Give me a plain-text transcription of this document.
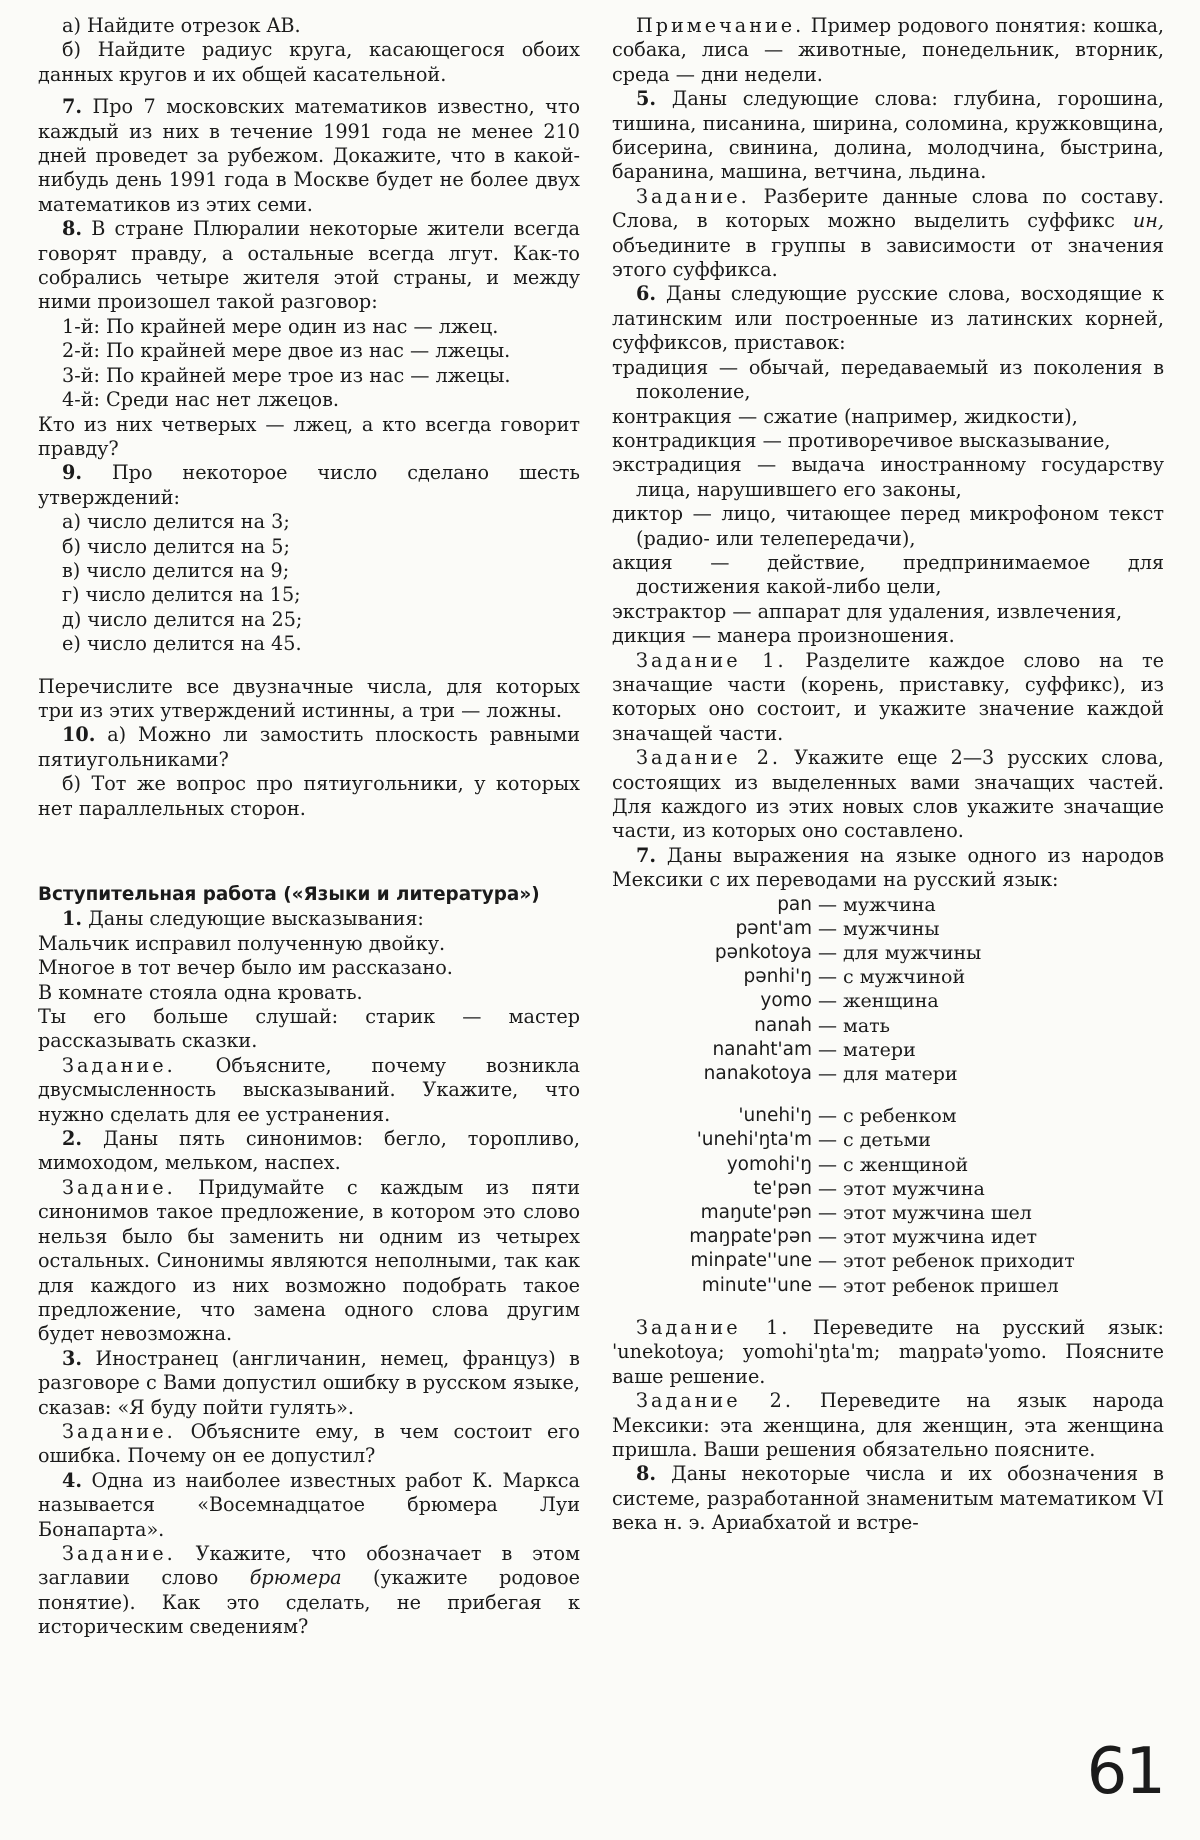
а) Найдите отрезок AB.

б) Найдите радиус круга, касающегося обоих данных кругов и их общей касательной.

7. Про 7 московских математиков известно, что каждый из них в течение 1991 года не менее 210 дней проведет за рубежом. Докажите, что в какой-нибудь день 1991 года в Москве будет не более двух математиков из этих семи.

8. В стране Плюралии некоторые жители всегда говорят правду, а остальные всегда лгут. Как-то собрались четыре жителя этой страны, и между ними произошел такой разговор:

1-й: По крайней мере один из нас — лжец.

2-й: По крайней мере двое из нас — лжецы.

3-й: По крайней мере трое из нас — лжецы.

4-й: Среди нас нет лжецов.

Кто из них четверых — лжец, а кто всегда говорит правду?

9. Про некоторое число сделано шесть утверждений:

а) число делится на 3;

б) число делится на 5;

в) число делится на 9;

г) число делится на 15;

д) число делится на 25;

е) число делится на 45.

Перечислите все двузначные числа, для которых три из этих утверждений истинны, а три — ложны.

10. а) Можно ли замостить плоскость равными пятиугольниками?

б) Тот же вопрос про пятиугольники, у которых нет параллельных сторон.

Вступительная работа («Языки и литература»)

1. Даны следующие высказывания:

Мальчик исправил полученную двойку.

Многое в тот вечер было им рассказано.

В комнате стояла одна кровать.

Ты его больше слушай: старик — мастер рассказывать сказки.

Задание. Объясните, почему возникла двусмысленность высказываний. Укажите, что нужно сделать для ее устранения.

2. Даны пять синонимов: бегло, торопливо, мимоходом, мельком, наспех.

Задание. Придумайте с каждым из пяти синонимов такое предложение, в котором это слово нельзя было бы заменить ни одним из четырех остальных. Синонимы являются неполными, так как для каждого из них возможно подобрать такое предложение, что замена одного слова другим будет невозможна.

3. Иностранец (англичанин, немец, француз) в разговоре с Вами допустил ошибку в русском языке, сказав: «Я буду пойти гулять».

Задание. Объясните ему, в чем состоит его ошибка. Почему он ее допустил?

4. Одна из наиболее известных работ К. Маркса называется «Восемнадцатое брюмера Луи Бонапарта».

Задание. Укажите, что обозначает в этом заглавии слово брюмера (укажите родовое понятие). Как это сделать, не прибегая к историческим сведениям?

Примечание. Пример родового понятия: кошка, собака, лиса — животные, понедельник, вторник, среда — дни недели.

5. Даны следующие слова: глубина, горошина, тишина, писанина, ширина, соломина, кружковщина, бисерина, свинина, долина, молодчина, быстрина, баранина, машина, ветчина, льдина.

Задание. Разберите данные слова по составу. Слова, в которых можно выделить суффикс ин, объедините в группы в зависимости от значения этого суффикса.

6. Даны следующие русские слова, восходящие к латинским или построенные из латинских корней, суффиксов, приставок:

традиция — обычай, передаваемый из поколения в поколение,

контракция — сжатие (например, жидкости),

контрадикция — противоречивое высказывание,

экстрадиция — выдача иностранному государству лица, нарушившего его законы,

диктор — лицо, читающее перед микрофоном текст (радио- или телепередачи),

акция — действие, предпринимаемое для достижения какой-либо цели,

экстрактор — аппарат для удаления, извлечения,

дикция — манера произношения.

Задание 1. Разделите каждое слово на те значащие части (корень, приставку, суффикс), из которых оно состоит, и укажите значение каждой значащей части.

Задание 2. Укажите еще 2—3 русских слова, состоящих из выделенных вами значащих частей. Для каждого из этих новых слов укажите значащие части, из которых оно составлено.

7. Даны выражения на языке одного из народов Мексики с их переводами на русский язык:

pan — мужчина
pənt'am — мужчины
pənkotoya — для мужчины
pənhi'ŋ — с мужчиной
yomo — женщина
nanah — мать
nanaht'am — матери
nanakotoya — для матери
'unehi'ŋ — с ребенком
'unehi'ŋta'm — с детьми
yomohi'ŋ — с женщиной
te'pən — этот мужчина
maŋute'pən — этот мужчина шел
maŋpate'pən — этот мужчина идет
minpate''une — этот ребенок приходит
minute''une — этот ребенок пришел

Задание 1. Переведите на русский язык: 'unekotoya; yomohi'ŋta'm; maŋpatə'yomo. Поясните ваше решение.

Задание 2. Переведите на язык народа Мексики: эта женщина, для женщин, эта женщина пришла. Ваши решения обязательно поясните.

8. Даны некоторые числа и их обозначения в системе, разработанной знаменитым математиком VI века н. э. Ариабхатой и встре-

61
